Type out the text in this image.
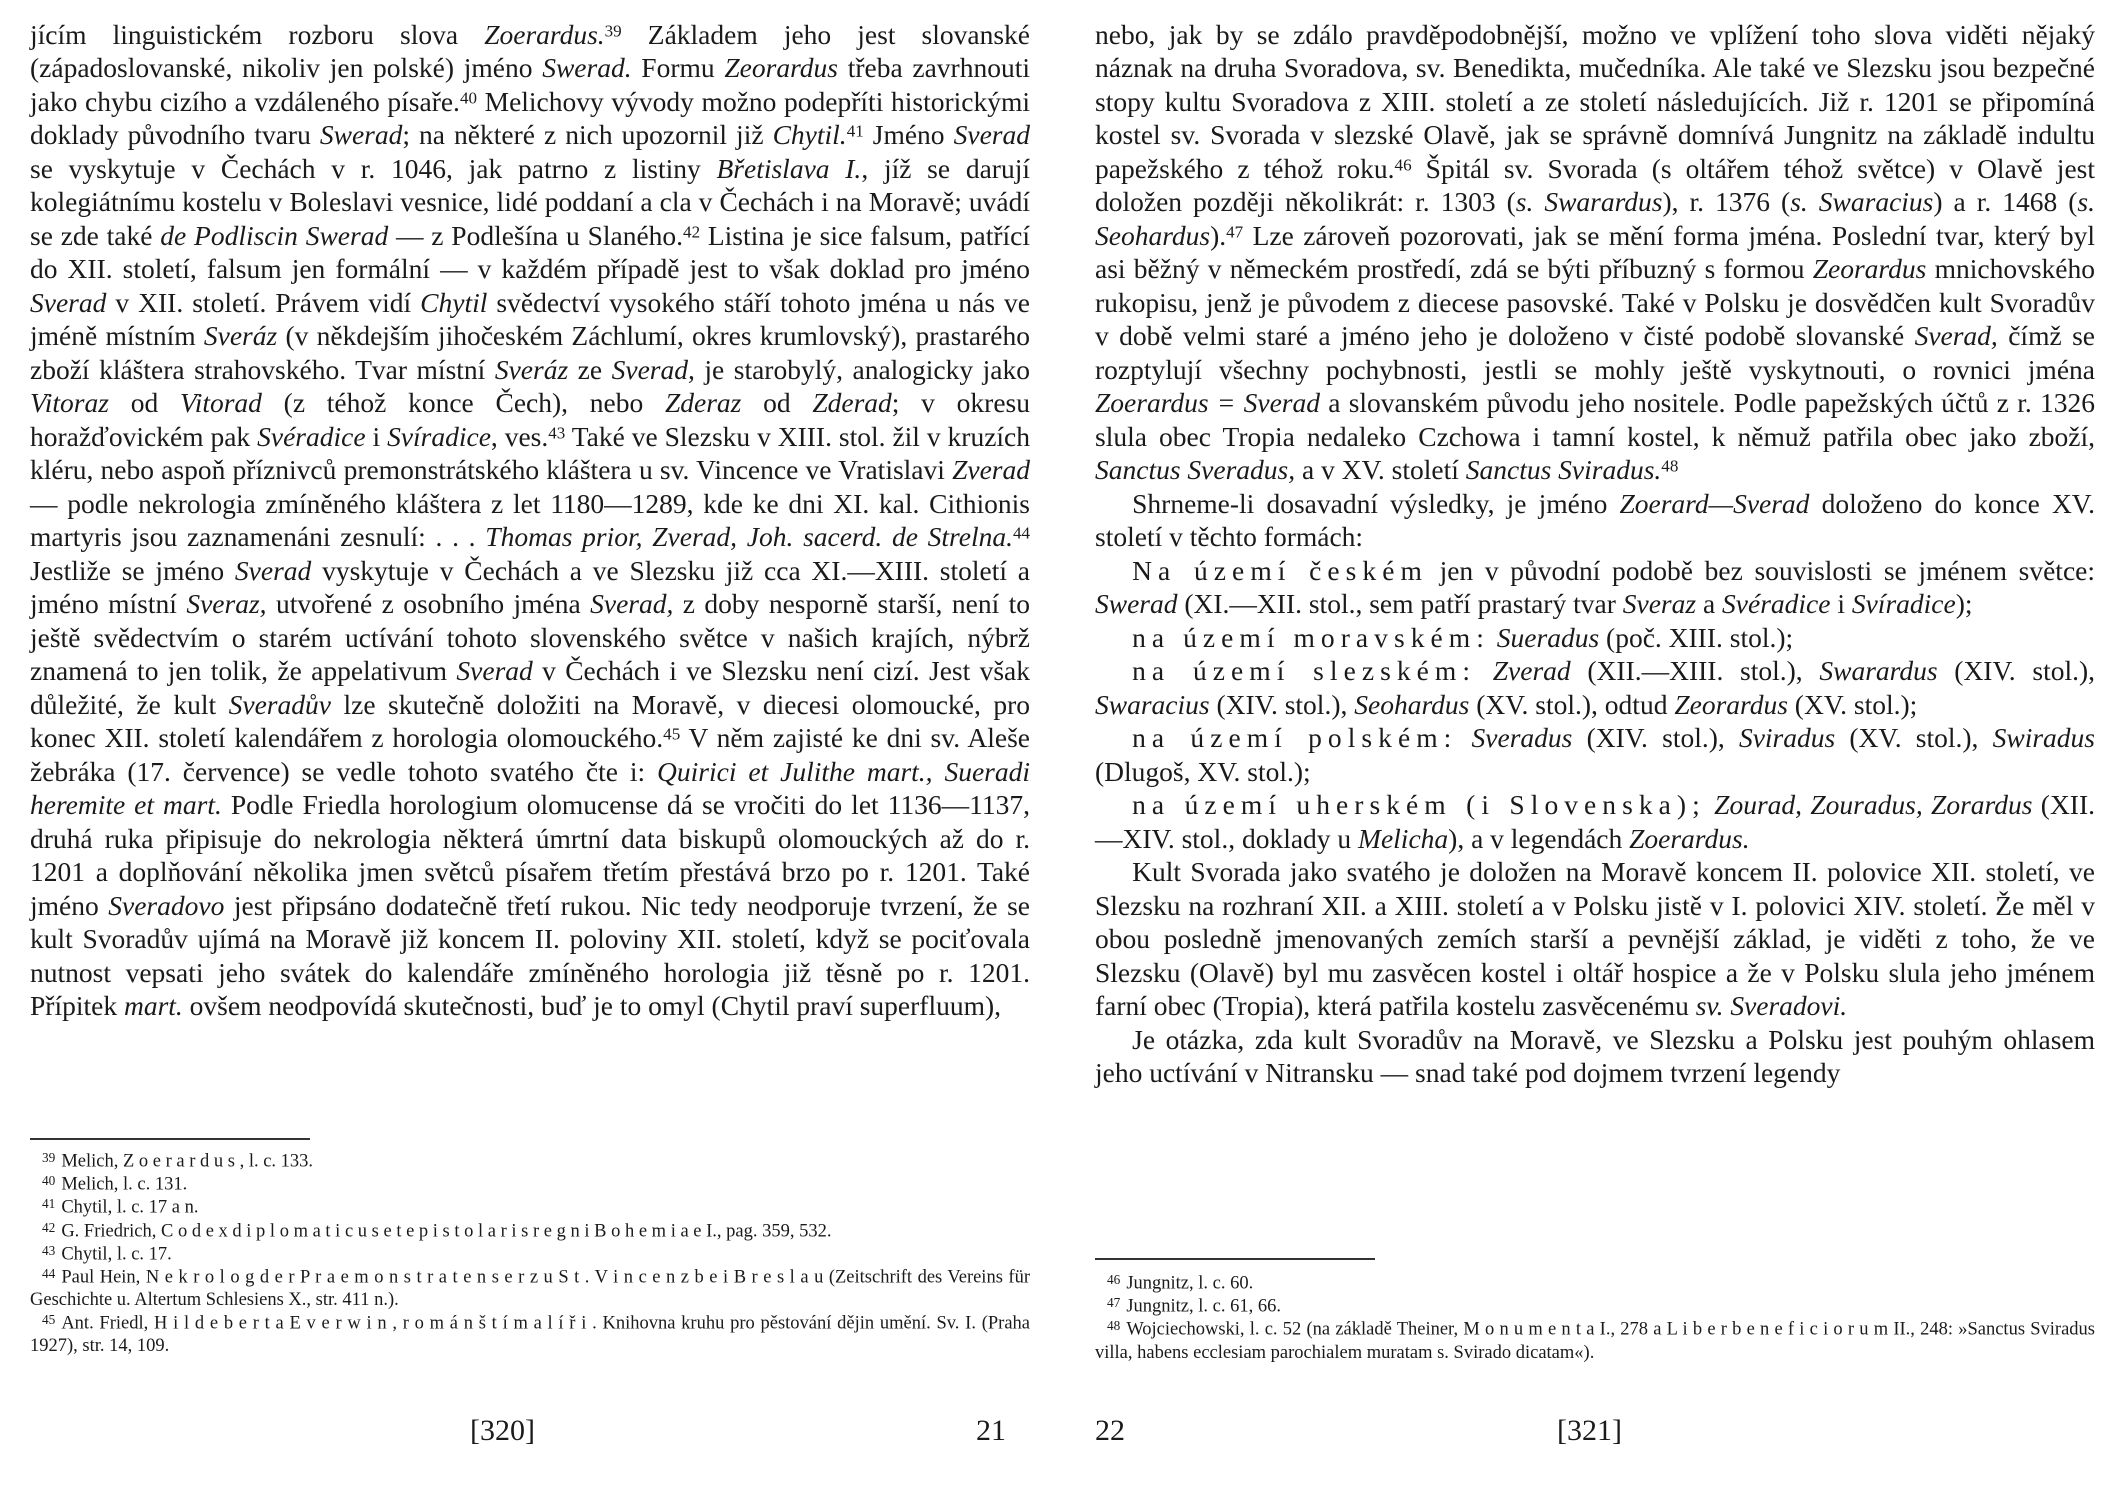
jícím linguistickém rozboru slova Zoerardus.$^{39}$ Základem jeho jest slovanské (západoslovanské, nikoliv jen polské) jméno Swerad. Formu Zeorardus třeba zavrhnouti jako chybu cizího a vzdáleného písaře.$^{40}$ Melichovy vývody možno podepříti historickými doklady původního tvaru Swerad; na některé z nich upozornil již Chytil.$^{41}$ Jméno Sverad se vyskytuje v Čechách v r. 1046, jak patrno z listiny Břetislava I., jíž se darují kolegiátnímu kostelu v Boleslavi vesnice, lidé poddaní a cla v Čechách i na Moravě; uvádí se zde také de Podliscin Swerad — z Podlešína u Slaného.$^{42}$ Listina je sice falsum, patřící do XII. století, falsum jen formální — v každém případě jest to však doklad pro jméno Sverad v XII. století. Právem vidí Chytil svědectví vysokého stáří tohoto jména u nás ve jméně místním Sveráz (v někdejším jihočeském Záchlumí, okres krumlovský), prastarého zboží kláštera strahovského. Tvar místní Sveráz ze Sverad, je starobylý, analogicky jako Vitoraz od Vitorad (z téhož konce Čech), nebo Zderaz od Zderad; v okresu horažďovickém pak Svéradice i Svíradice, ves.$^{43}$ Také ve Slezsku v XIII. stol. žil v kruzích kléru, nebo aspoň příznivců premonstrátského kláštera u sv. Vincence ve Vratislavi Zverad — podle nekrologia zmíněného kláštera z let 1180—1289, kde ke dni XI. kal. Cithionis martyris jsou zaznamenáni zesnulí: . . . Thomas prior, Zverad, Joh. sacerd. de Strelna.$^{44}$ Jestliže se jméno Sverad vyskytuje v Čechách a ve Slezsku již cca XI.—XIII. století a jméno místní Sveraz, utvořené z osobního jména Sverad, z doby nesporně starší, není to ještě svědectvím o starém uctívání tohoto slovenského světce v našich krajích, nýbrž znamená to jen tolik, že appelativum Sverad v Čechách i ve Slezsku není cizí. Jest však důležité, že kult Sveradův lze skutečně doložiti na Moravě, v diecesi olomoucké, pro konec XII. století kalendářem z horologia olomouckého.$^{45}$ V něm zajisté ke dni sv. Aleše žebráka (17. července) se vedle tohoto svatého čte i: Quirici et Julithe mart., Sueradi heremite et mart. Podle Friedla horologium olomucense dá se vročiti do let 1136—1137, druhá ruka připisuje do nekrologia některá úmrtní data biskupů olomouckých až do r. 1201 a doplňování několika jmen světců písařem třetím přestává brzo po r. 1201. Také jméno Sveradovo jest připsáno dodatečně třetí rukou. Nic tedy neodporuje tvrzení, že se kult Svoradův ujímá na Moravě již koncem II. poloviny XII. století, když se pociťovala nutnost vepsati jeho svátek do kalendáře zmíněného horologia již těsně po r. 1201. Přípitek mart. ovšem neodpovídá skutečnosti, buď je to omyl (Chytil praví superfluum),

$^{39}$ Melich, Z o e r a r d u s , l. c. 133.

$^{40}$ Melich, l. c. 131.

$^{41}$ Chytil, l. c. 17 a n.

$^{42}$ G. Friedrich, C o d e x d i p l o m a t i c u s e t e p i s t o l a r i s r e g n i B o h e m i a e I., pag. 359, 532.

$^{43}$ Chytil, l. c. 17.

$^{44}$ Paul Hein, N e k r o l o g d e r P r a e m o n s t r a t e n s e r z u S t . V i n c e n z b e i B r e s l a u (Zeitschrift des Vereins für Geschichte u. Altertum Schlesiens X., str. 411 n.).

$^{45}$ Ant. Friedl, H i l d e b e r t a E v e r w i n , r o m á n š t í m a l í ř i . Knihovna kruhu pro pěstování dějin umění. Sv. I. (Praha 1927), str. 14, 109.

[320]	21

nebo, jak by se zdálo pravděpodobnější, možno ve vplížení toho slova viděti nějaký náznak na druha Svoradova, sv. Benedikta, mučedníka. Ale také ve Slezsku jsou bezpečné stopy kultu Svoradova z XIII. století a ze století následujících. Již r. 1201 se připomíná kostel sv. Svorada v slezské Olavě, jak se správně domnívá Jungnitz na základě indultu papežského z téhož roku.$^{46}$ Špitál sv. Svorada (s oltářem téhož světce) v Olavě jest doložen později několikrát: r. 1303 (s. Swarardus), r. 1376 (s. Swaracius) a r. 1468 (s. Seohardus).$^{47}$ Lze zároveň pozorovati, jak se mění forma jména. Poslední tvar, který byl asi běžný v německém prostředí, zdá se býti příbuzný s formou Zeorardus mnichovského rukopisu, jenž je původem z diecese pasovské. Také v Polsku je dosvědčen kult Svoradův v době velmi staré a jméno jeho je doloženo v čisté podobě slovanské Sverad, čímž se rozptylují všechny pochybnosti, jestli se mohly ještě vyskytnouti, o rovnici jména Zoerardus = Sverad a slovanském původu jeho nositele. Podle papežských účtů z r. 1326 slula obec Tropia nedaleko Czchowa i tamní kostel, k němuž patřila obec jako zboží, Sanctus Sveradus, a v XV. století Sanctus Sviradus.$^{48}$

Shrneme-li dosavadní výsledky, je jméno Zoerard—Sverad doloženo do konce XV. století v těchto formách:

Na území českém jen v původní podobě bez souvislosti se jménem světce: Swerad (XI.—XII. stol., sem patří prastarý tvar Sveraz a Svéradice i Svíradice);

na území moravském: Sueradus (poč. XIII. stol.);

na území slezském: Zverad (XII.—XIII. stol.), Swarardus (XIV. stol.), Swaracius (XIV. stol.), Seohardus (XV. stol.), odtud Zeorardus (XV. stol.);

na území polském: Sveradus (XIV. stol.), Sviradus (XV. stol.), Swiradus (Dlugoš, XV. stol.);

na území uherském (i Slovenska); Zourad, Zouradus, Zorardus (XII.—XIV. stol., doklady u Melicha), a v legendách Zoerardus.

Kult Svorada jako svatého je doložen na Moravě koncem II. polovice XII. století, ve Slezsku na rozhraní XII. a XIII. století a v Polsku jistě v I. polovici XIV. století. Že měl v obou posledně jmenovaných zemích starší a pevnější základ, je viděti z toho, že ve Slezsku (Olavě) byl mu zasvěcen kostel i oltář hospice a že v Polsku slula jeho jménem farní obec (Tropia), která patřila kostelu zasvěcenému sv. Sveradovi.

Je otázka, zda kult Svoradův na Moravě, ve Slezsku a Polsku jest pouhým ohlasem jeho uctívání v Nitransku — snad také pod dojmem tvrzení legendy

$^{46}$ Jungnitz, l. c. 60.

$^{47}$ Jungnitz, l. c. 61, 66.

$^{48}$ Wojciechowski, l. c. 52 (na základě Theiner, M o n u m e n t a I., 278 a L i b e r b e n e f i c i o r u m II., 248: »Sanctus Sviradus villa, habens ecclesiam parochialem muratam s. Svirado dicatam«).

22	[321]
